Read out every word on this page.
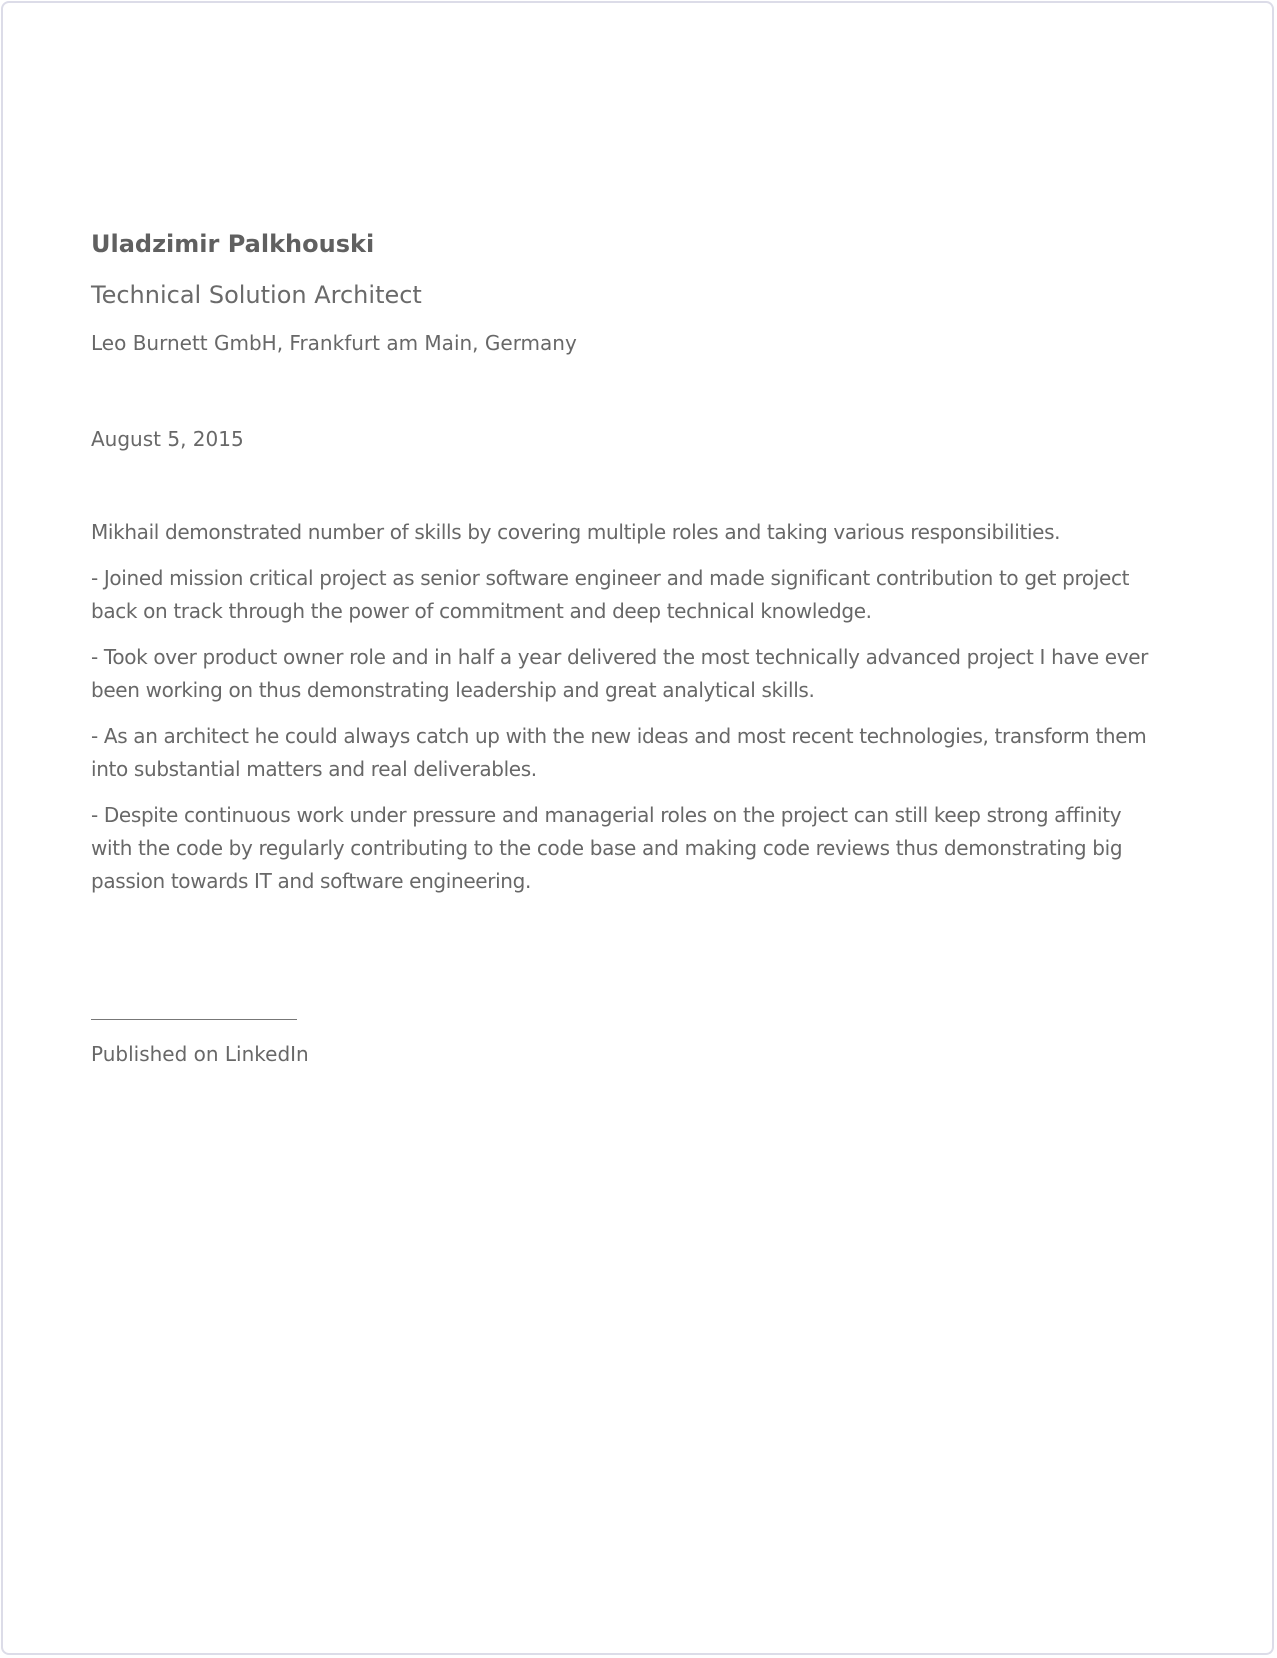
Uladzimir Palkhouski
Technical Solution Architect
Leo Burnett GmbH, Frankfurt am Main, Germany
August 5, 2015

Mikhail demonstrated number of skills by covering multiple roles and taking various responsibilities.

- Joined mission critical project as senior software engineer and made significant contribution to get project back on track through the power of commitment and deep technical knowledge.

- Took over product owner role and in half a year delivered the most technically advanced project I have ever been working on thus demonstrating leadership and great analytical skills.

- As an architect he could always catch up with the new ideas and most recent technologies, transform them into substantial matters and real deliverables.

- Despite continuous work under pressure and managerial roles on the project can still keep strong affinity with the code by regularly contributing to the code base and making code reviews thus demonstrating big passion towards IT and software engineering.

Published on LinkedIn
